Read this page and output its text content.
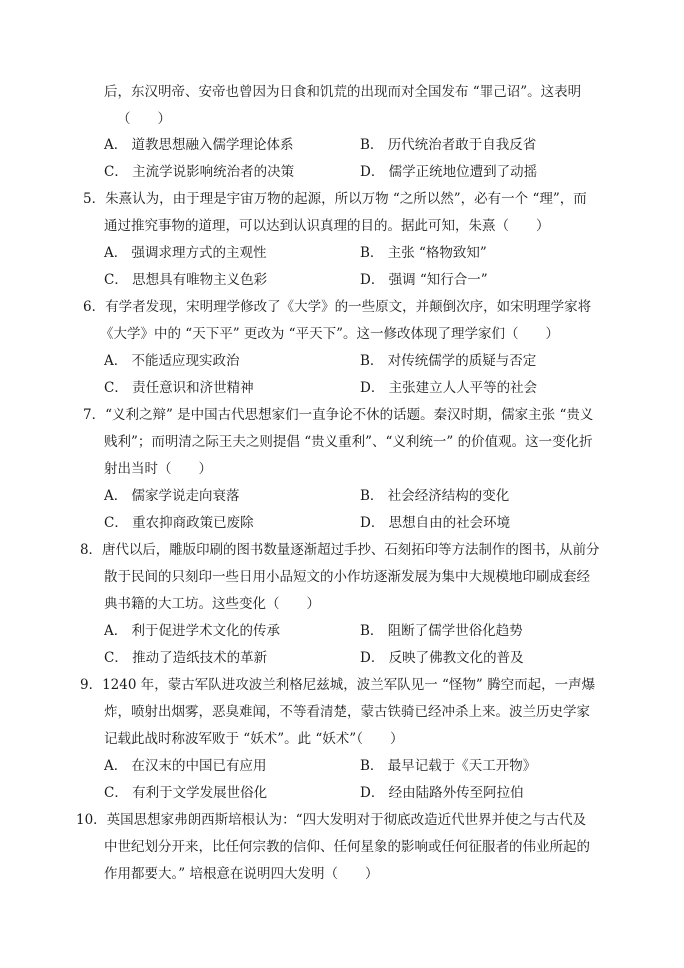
后，东汉明帝、安帝也曾因为日食和饥荒的出现而对全国发布 “罪己诏”。这表明
（　　）
A． 道教思想融入儒学理论体系	B． 历代统治者敢于自我反省
C． 主流学说影响统治者的决策	D． 儒学正统地位遭到了动摇
5．朱熹认为，由于理是宇宙万物的起源，所以万物 “之所以然”，必有一个 “理”，而
通过推究事物的道理，可以达到认识真理的目的。据此可知，朱熹（　　）
A． 强调求理方式的主观性	B． 主张 “格物致知”
C． 思想具有唯物主义色彩	D． 强调 “知行合一”
6．有学者发现，宋明理学修改了《大学》的一些原文，并颠倒次序，如宋明理学家将
《大学》中的 “天下平” 更改为 “平天下”。这一修改体现了理学家们（　　）
A． 不能适应现实政治	B． 对传统儒学的质疑与否定
C． 责任意识和济世精神	D． 主张建立人人平等的社会
7．“义利之辩” 是中国古代思想家们一直争论不休的话题。秦汉时期，儒家主张 “贵义
贱利”；而明清之际王夫之则提倡 “贵义重利”、“义利统一” 的价值观。这一变化折
射出当时（　　）
A． 儒家学说走向衰落	B． 社会经济结构的变化
C． 重农抑商政策已废除	D． 思想自由的社会环境
8．唐代以后，雕版印刷的图书数量逐渐超过手抄、石刻拓印等方法制作的图书，从前分
散于民间的只刻印一些日用小品短文的小作坊逐渐发展为集中大规模地印刷成套经
典书籍的大工坊。这些变化（　　）
A． 利于促进学术文化的传承	B． 阻断了儒学世俗化趋势
C． 推动了造纸技术的革新	D． 反映了佛教文化的普及
9．1240 年，蒙古军队进攻波兰利格尼兹城，波兰军队见一 “怪物” 腾空而起，一声爆
炸，喷射出烟雾，恶臭难闻，不等看清楚，蒙古铁骑已经冲杀上来。波兰历史学家
记载此战时称波军败于 “妖术”。此 “妖术”（　　）
A． 在汉末的中国已有应用	B． 最早记载于《天工开物》
C． 有利于文学发展世俗化	D． 经由陆路外传至阿拉伯
10．英国思想家弗朗西斯培根认为：“四大发明对于彻底改造近代世界并使之与古代及
中世纪划分开来，比任何宗教的信仰、任何星象的影响或任何征服者的伟业所起的
作用都要大。” 培根意在说明四大发明（　　）
